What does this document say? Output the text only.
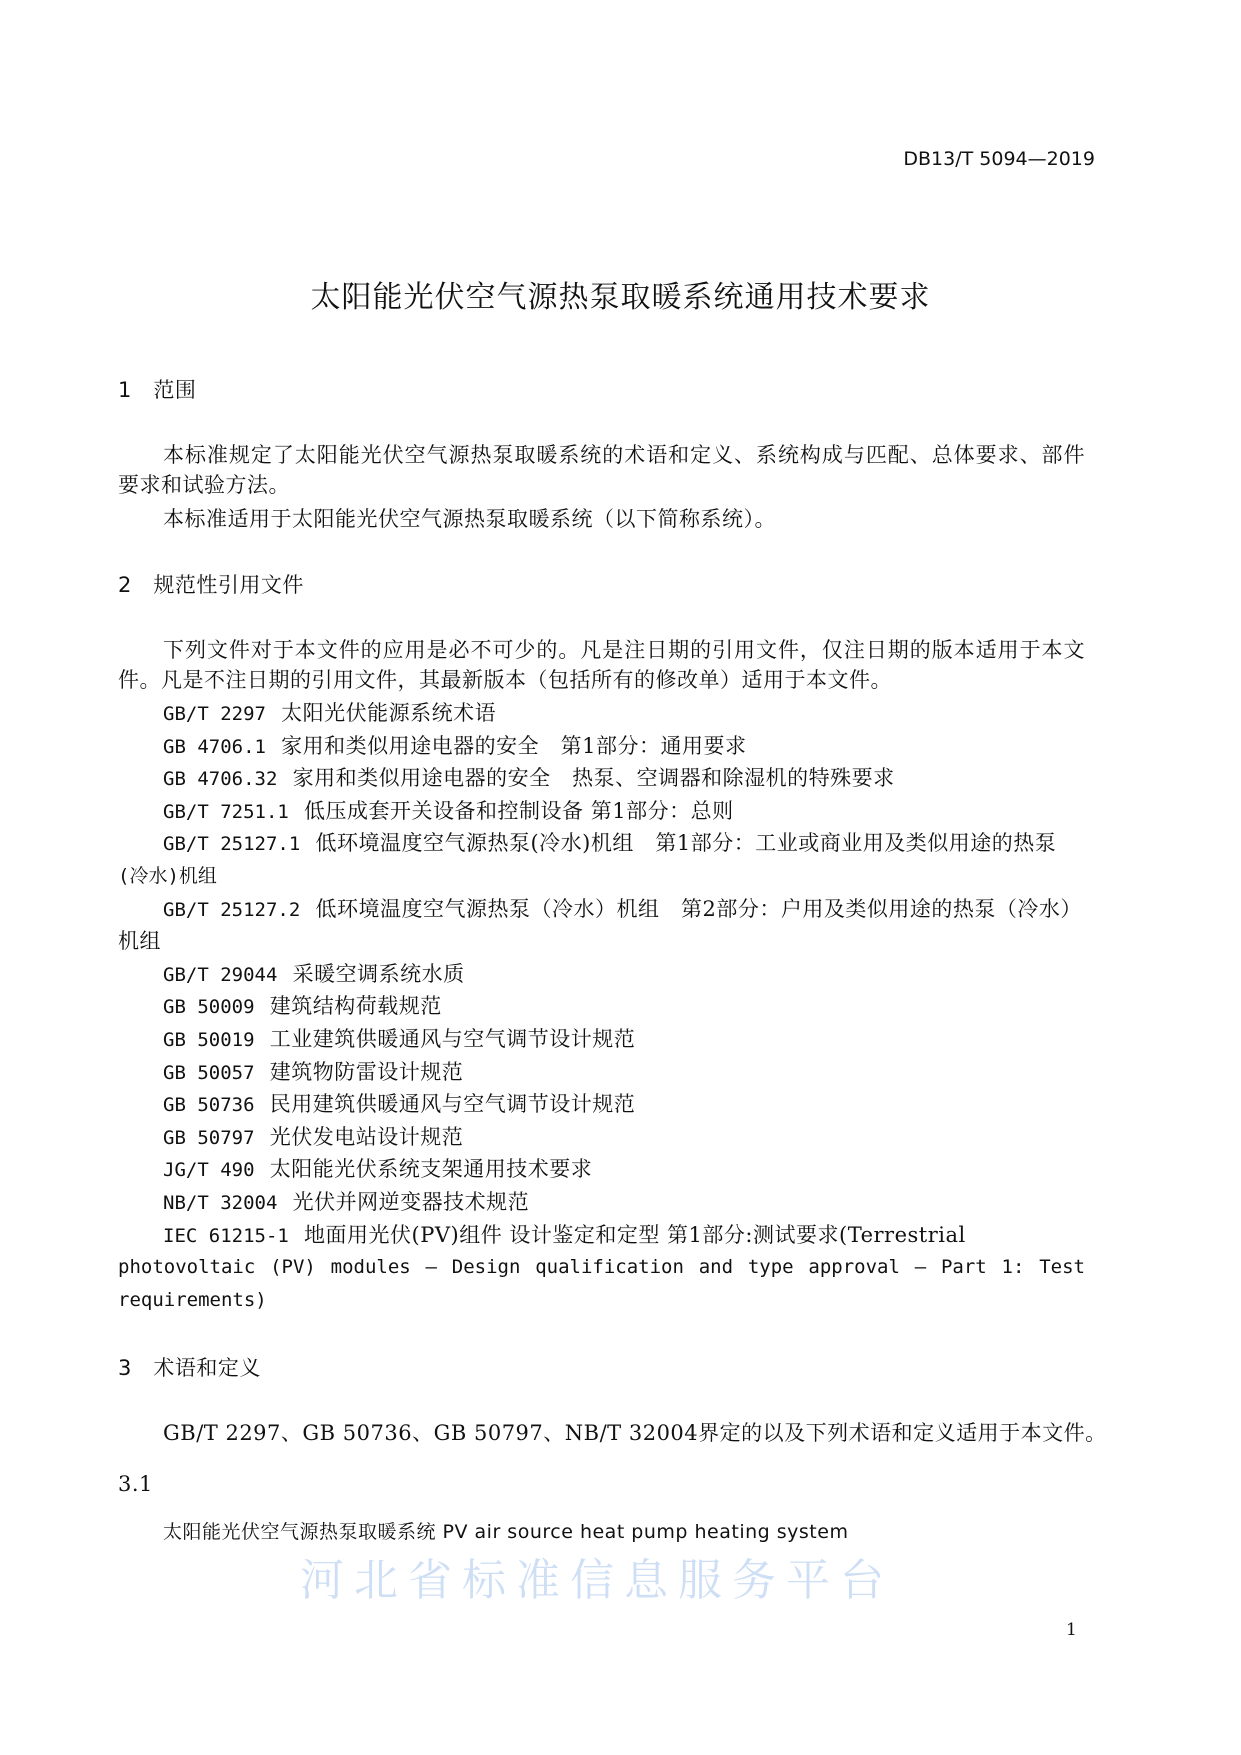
DB13/T 5094—2019
太阳能光伏空气源热泵取暖系统通用技术要求
1　范围
本标准规定了太阳能光伏空气源热泵取暖系统的术语和定义、系统构成与匹配、总体要求、部件
要求和试验方法。
本标准适用于太阳能光伏空气源热泵取暖系统（以下简称系统）。
2　规范性引用文件
下列文件对于本文件的应用是必不可少的。凡是注日期的引用文件，仅注日期的版本适用于本文
件。凡是不注日期的引用文件，其最新版本（包括所有的修改单）适用于本文件。
GB/T 2297 太阳光伏能源系统术语
GB 4706.1 家用和类似用途电器的安全　第1部分：通用要求
GB 4706.32 家用和类似用途电器的安全　热泵、空调器和除湿机的特殊要求
GB/T 7251.1 低压成套开关设备和控制设备 第1部分：总则
GB/T 25127.1 低环境温度空气源热泵(冷水)机组　第1部分：工业或商业用及类似用途的热泵
(冷水)机组
GB/T 25127.2 低环境温度空气源热泵（冷水）机组　第2部分：户用及类似用途的热泵（冷水）
机组
GB/T 29044 采暖空调系统水质
GB 50009 建筑结构荷载规范
GB 50019 工业建筑供暖通风与空气调节设计规范
GB 50057 建筑物防雷设计规范
GB 50736 民用建筑供暖通风与空气调节设计规范
GB 50797 光伏发电站设计规范
JG/T 490 太阳能光伏系统支架通用技术要求
NB/T 32004 光伏并网逆变器技术规范
IEC 61215-1 地面用光伏(PV)组件 设计鉴定和定型 第1部分:测试要求(Terrestrial
photovoltaic (PV) modules – Design qualification and type approval – Part 1: Test
requirements)
3　术语和定义
GB/T 2297、GB 50736、GB 50797、NB/T 32004界定的以及下列术语和定义适用于本文件。
3.1
太阳能光伏空气源热泵取暖系统 PV air source heat pump heating system
1
河北省标准信息服务平台
